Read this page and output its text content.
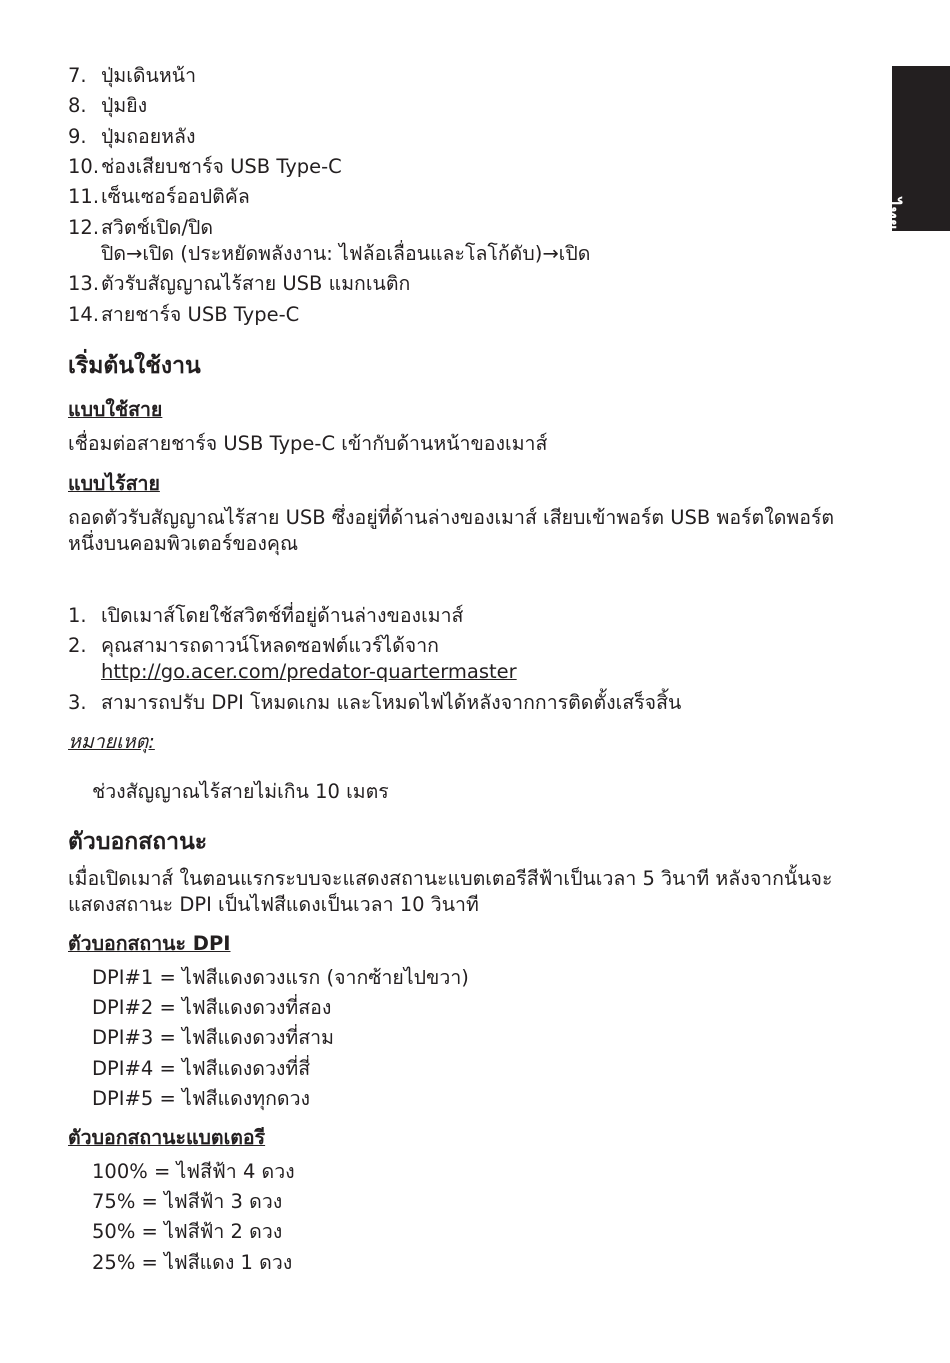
ไทย
7. ปุ่มเดินหน้า
8. ปุ่มยิง
9. ปุ่มถอยหลัง
10. ช่องเสียบชาร์จ USB Type-C
11. เซ็นเซอร์ออปติคัล
12. สวิตช์เปิด/ปิด
ปิด→เปิด (ประหยัดพลังงาน: ไฟล้อเลื่อนและโลโก้ดับ)→เปิด
13. ตัวรับสัญญาณไร้สาย USB แมกเนติก
14. สายชาร์จ USB Type-C
เริ่มต้นใช้งาน
แบบใช้สาย
เชื่อมต่อสายชาร์จ USB Type-C เข้ากับด้านหน้าของเมาส์
แบบไร้สาย
ถอดตัวรับสัญญาณไร้สาย USB ซึ่งอยู่ที่ด้านล่างของเมาส์ เสียบเข้าพอร์ต USB พอร์ตใดพอร์ต
หนึ่งบนคอมพิวเตอร์ของคุณ
1. เปิดเมาส์โดยใช้สวิตช์ที่อยู่ด้านล่างของเมาส์
2. คุณสามารถดาวน์โหลดซอฟต์แวร์ได้จาก
http://go.acer.com/predator-quartermaster
3. สามารถปรับ DPI โหมดเกม และโหมดไฟได้หลังจากการติดตั้งเสร็จสิ้น
หมายเหตุ:
ช่วงสัญญาณไร้สายไม่เกิน 10 เมตร
ตัวบอกสถานะ
เมื่อเปิดเมาส์ ในตอนแรกระบบจะแสดงสถานะแบตเตอรีสีฟ้าเป็นเวลา 5 วินาที หลังจากนั้นจะ
แสดงสถานะ DPI เป็นไฟสีแดงเป็นเวลา 10 วินาที
ตัวบอกสถานะ DPI
DPI#1 = ไฟสีแดงดวงแรก (จากซ้ายไปขวา)
DPI#2 = ไฟสีแดงดวงที่สอง
DPI#3 = ไฟสีแดงดวงที่สาม
DPI#4 = ไฟสีแดงดวงที่สี่
DPI#5 = ไฟสีแดงทุกดวง
ตัวบอกสถานะแบตเตอรี
100% = ไฟสีฟ้า 4 ดวง
75% = ไฟสีฟ้า 3 ดวง
50% = ไฟสีฟ้า 2 ดวง
25% = ไฟสีแดง 1 ดวง
